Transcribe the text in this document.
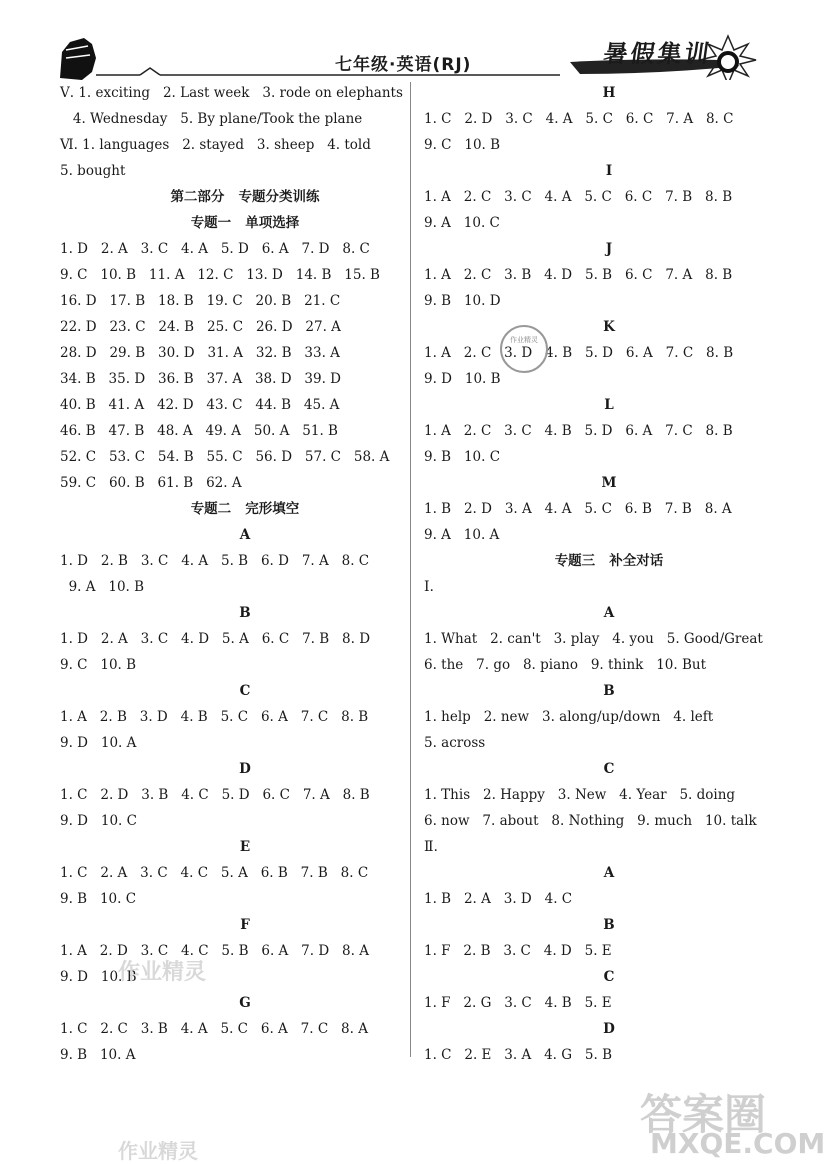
七年级·英语(RJ)	暑假集训
Ⅴ. 1. exciting   2. Last week   3. rode on elephants
4. Wednesday   5. By plane/Took the plane
Ⅵ. 1. languages   2. stayed   3. sheep   4. told
5. bought
第二部分   专题分类训练
专题一   单项选择
1. D   2. A   3. C   4. A   5. D   6. A   7. D   8. C
9. C   10. B   11. A   12. C   13. D   14. B   15. B
16. D   17. B   18. B   19. C   20. B   21. C
22. D   23. C   24. B   25. C   26. D   27. A
28. D   29. B   30. D   31. A   32. B   33. A
34. B   35. D   36. B   37. A   38. D   39. D
40. B   41. A   42. D   43. C   44. B   45. A
46. B   47. B   48. A   49. A   50. A   51. B
52. C   53. C   54. B   55. C   56. D   57. C   58. A
59. C   60. B   61. B   62. A
专题二   完形填空
A
1. D   2. B   3. C   4. A   5. B   6. D   7. A   8. C
9. A   10. B
B
1. D   2. A   3. C   4. D   5. A   6. C   7. B   8. D
9. C   10. B
C
1. A   2. B   3. D   4. B   5. C   6. A   7. C   8. B
9. D   10. A
D
1. C   2. D   3. B   4. C   5. D   6. C   7. A   8. B
9. D   10. C
E
1. C   2. A   3. C   4. C   5. A   6. B   7. B   8. C
9. B   10. C
F
1. A   2. D   3. C   4. C   5. B   6. A   7. D   8. A
9. D   10. B
G
1. C   2. C   3. B   4. A   5. C   6. A   7. C   8. A
9. B   10. A
H
1. C   2. D   3. C   4. A   5. C   6. C   7. A   8. C
9. C   10. B
I
1. A   2. C   3. C   4. A   5. C   6. C   7. B   8. B
9. A   10. C
J
1. A   2. C   3. B   4. D   5. B   6. C   7. A   8. B
9. B   10. D
K
1. A   2. C   3. D   4. B   5. D   6. A   7. C   8. B
9. D   10. B
L
1. A   2. C   3. C   4. B   5. D   6. A   7. C   8. B
9. B   10. C
M
1. B   2. D   3. A   4. A   5. C   6. B   7. B   8. A
9. A   10. A
专题三   补全对话
Ⅰ.
A
1. What   2. can't   3. play   4. you   5. Good/Great
6. the   7. go   8. piano   9. think   10. But
B
1. help   2. new   3. along/up/down   4. left
5. across
C
1. This   2. Happy   3. New   4. Year   5. doing
6. now   7. about   8. Nothing   9. much   10. talk
Ⅱ.
A
1. B   2. A   3. D   4. C
B
1. F   2. B   3. C   4. D   5. E
C
1. F   2. G   3. C   4. B   5. E
D
1. C   2. E   3. A   4. G   5. B
作业精灵
作业精灵
作业精灵
答案圈
MXQE.COM
